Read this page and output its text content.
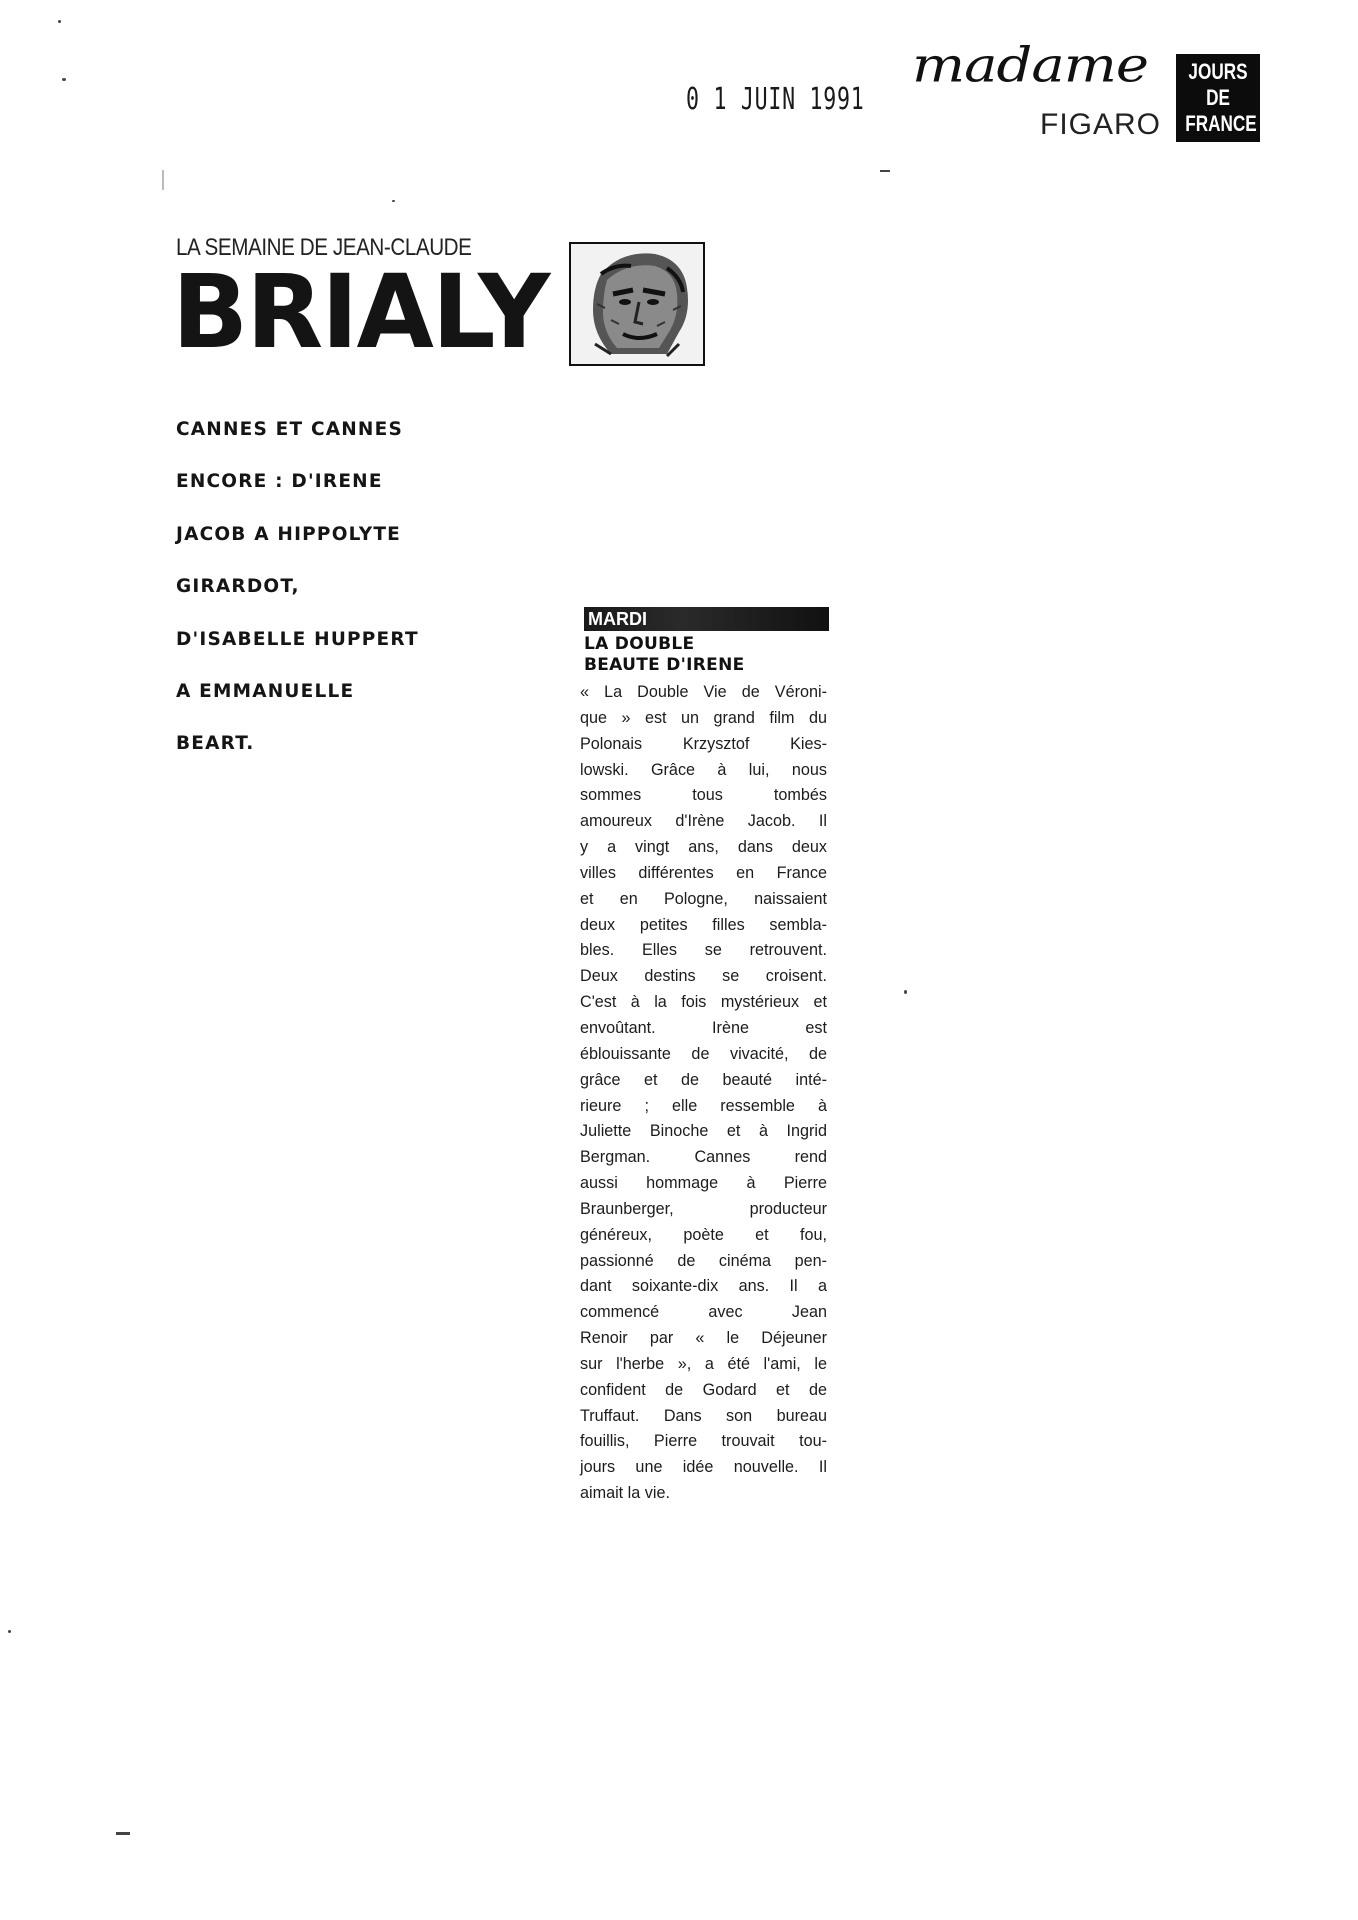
0 1 JUIN 1991
madame
FIGARO
JOURS
DE
FRANCE
LA SEMAINE DE JEAN-CLAUDE
BRIALY
CANNES ET CANNES
ENCORE : D'IRENE
JACOB A HIPPOLYTE
GIRARDOT,
D'ISABELLE HUPPERT
A EMMANUELLE
BEART.
MARDI
LA DOUBLE
BEAUTE D'IRENE
« La Double Vie de Véroni-
que » est un grand film du
Polonais Krzysztof Kies-
lowski. Grâce à lui, nous
sommes tous tombés
amoureux d'Irène Jacob. Il
y a vingt ans, dans deux
villes différentes en France
et en Pologne, naissaient
deux petites filles sembla-
bles. Elles se retrouvent.
Deux destins se croisent.
C'est à la fois mystérieux et
envoûtant. Irène est
éblouissante de vivacité, de
grâce et de beauté inté-
rieure ; elle ressemble à
Juliette Binoche et à Ingrid
Bergman. Cannes rend
aussi hommage à Pierre
Braunberger, producteur
généreux, poète et fou,
passionné de cinéma pen-
dant soixante-dix ans. Il a
commencé avec Jean
Renoir par « le Déjeuner
sur l'herbe », a été l'ami, le
confident de Godard et de
Truffaut. Dans son bureau
fouillis, Pierre trouvait tou-
jours une idée nouvelle. Il
aimait la vie.
